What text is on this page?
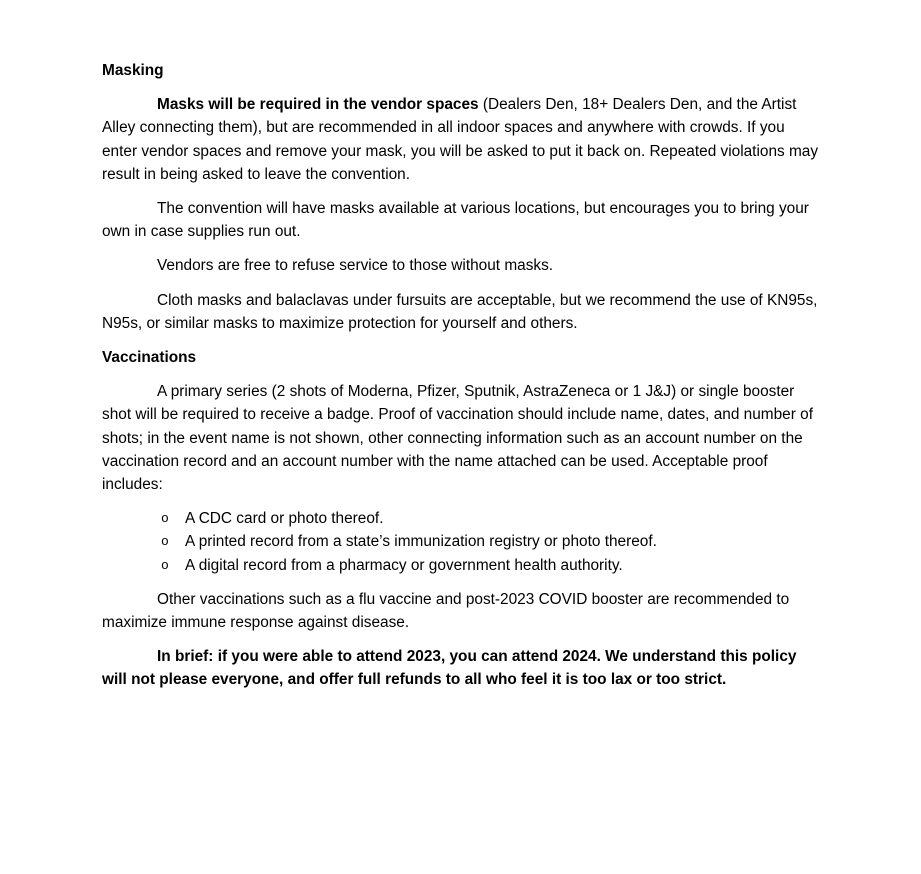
Masking

Masks will be required in the vendor spaces (Dealers Den, 18+ Dealers Den, and the Artist Alley connecting them), but are recommended in all indoor spaces and anywhere with crowds. If you enter vendor spaces and remove your mask, you will be asked to put it back on. Repeated violations may result in being asked to leave the convention.

The convention will have masks available at various locations, but encourages you to bring your own in case supplies run out.

Vendors are free to refuse service to those without masks.

Cloth masks and balaclavas under fursuits are acceptable, but we recommend the use of KN95s, N95s, or similar masks to maximize protection for yourself and others.

Vaccinations

A primary series (2 shots of Moderna, Pfizer, Sputnik, AstraZeneca or 1 J&J) or single booster shot will be required to receive a badge. Proof of vaccination should include name, dates, and number of shots; in the event name is not shown, other connecting information such as an account number on the vaccination record and an account number with the name attached can be used. Acceptable proof includes:

o A CDC card or photo thereof.
o A printed record from a state’s immunization registry or photo thereof.
o A digital record from a pharmacy or government health authority.

Other vaccinations such as a flu vaccine and post-2023 COVID booster are recommended to maximize immune response against disease.

In brief: if you were able to attend 2023, you can attend 2024. We understand this policy will not please everyone, and offer full refunds to all who feel it is too lax or too strict.
